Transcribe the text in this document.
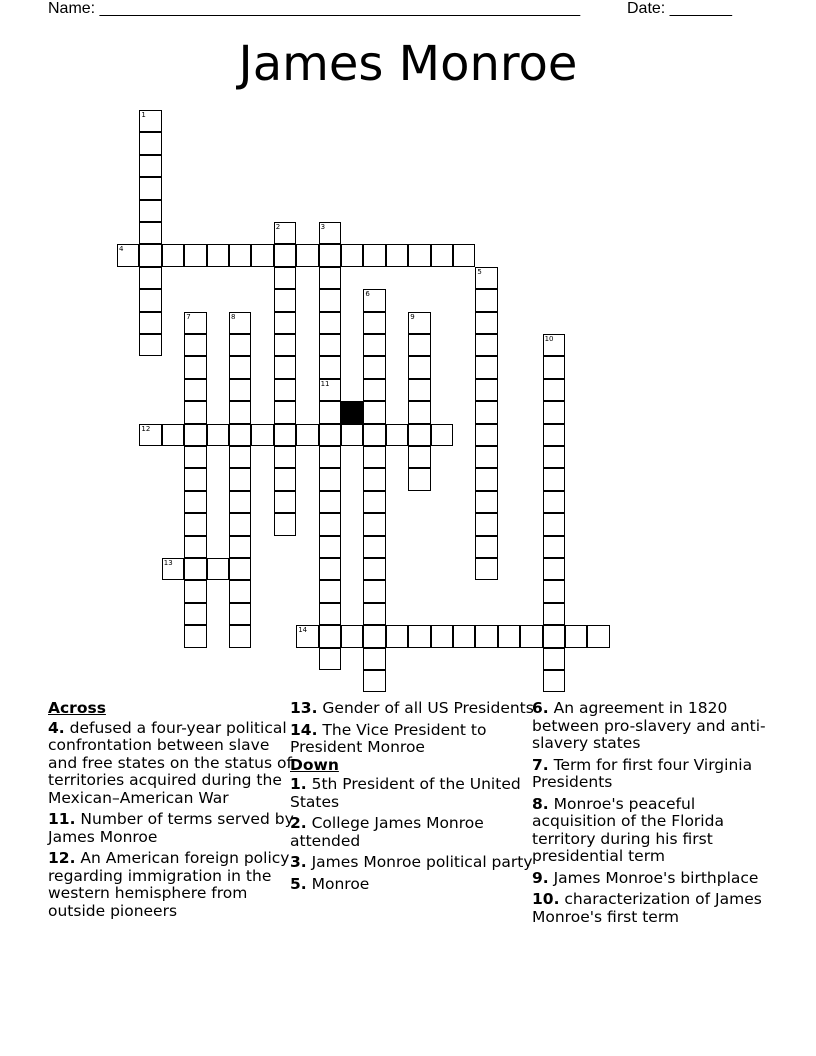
Name: ______________________________________________________	Date: _______
James Monroe
1
2	3
11
4
5
6
7	8	9
10
12
13
14
Across
4. defused a four-year political confrontation between slave and free states on the status of territories acquired during the Mexican–American War
11. Number of terms served by James Monroe
12. An American foreign policy regarding immigration in the western hemisphere from outside pioneers
13. Gender of all US Presidents
14. The Vice President to President Monroe
Down
1. 5th President of the United States
2. College James Monroe attended
3. James Monroe political party
5. Monroe
6. An agreement in 1820 between pro-slavery and anti-slavery states
7. Term for first four Virginia Presidents
8. Monroe's peaceful acquisition of the Florida territory during his first presidential term
9. James Monroe's birthplace
10. characterization of James Monroe's first term
